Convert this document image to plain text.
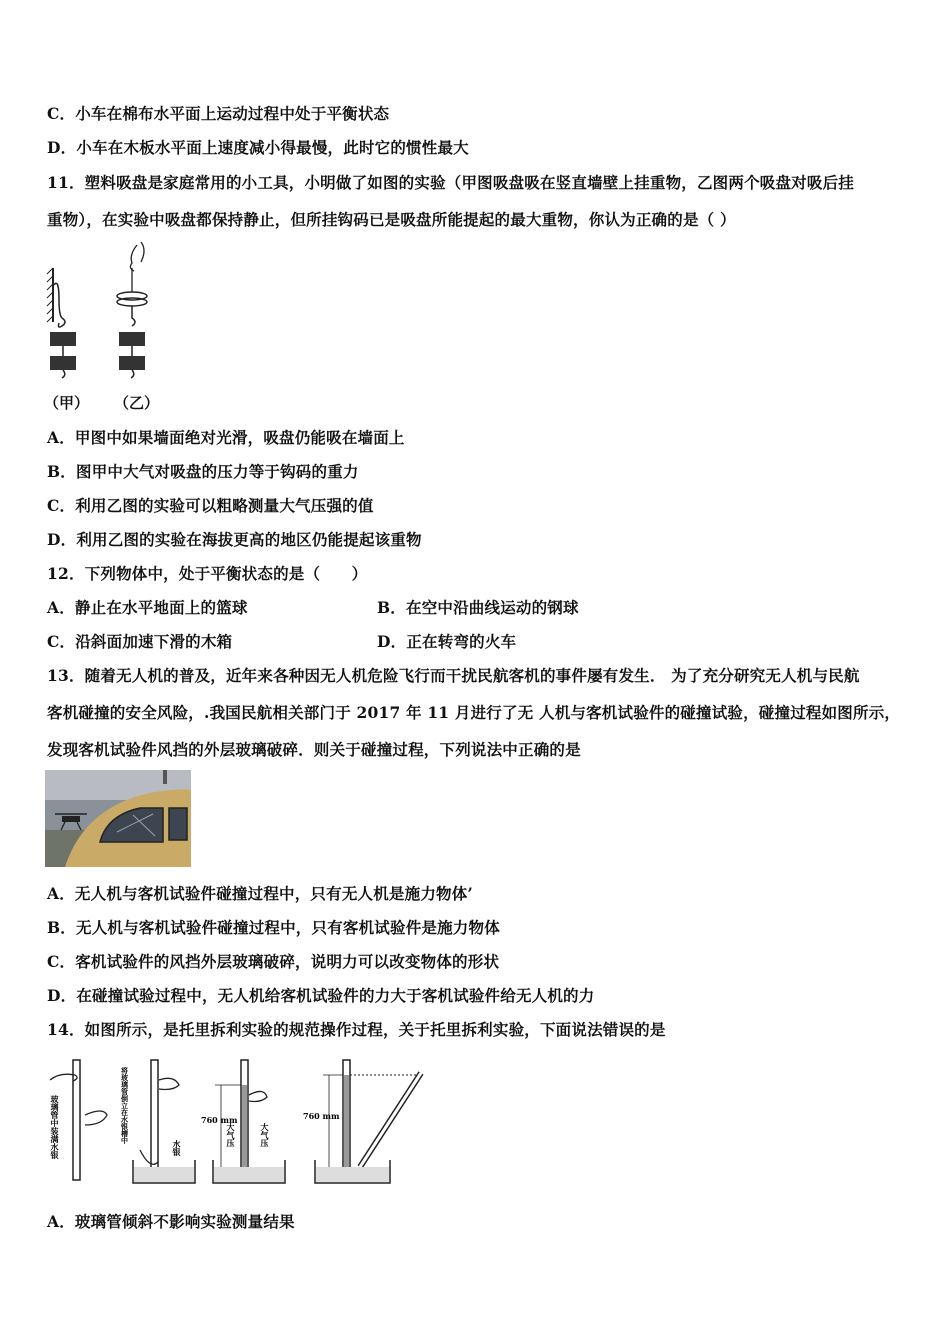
C．小车在棉布水平面上运动过程中处于平衡状态
D．小车在木板水平面上速度减小得最慢，此时它的惯性最大
11．塑料吸盘是家庭常用的小工具，小明做了如图的实验（甲图吸盘吸在竖直墙壁上挂重物，乙图两个吸盘对吸后挂
重物），在实验中吸盘都保持静止，但所挂钩码已是吸盘所能提起的最大重物，你认为正确的是（ ）
（甲） （乙）
A．甲图中如果墙面绝对光滑，吸盘仍能吸在墙面上
B．图甲中大气对吸盘的压力等于钩码的重力
C．利用乙图的实验可以粗略测量大气压强的值
D．利用乙图的实验在海拔更高的地区仍能提起该重物
12．下列物体中，处于平衡状态的是（　　）
A．静止在水平地面上的篮球	B．在空中沿曲线运动的钢球
C．沿斜面加速下滑的木箱	D．正在转弯的火车
13．随着无人机的普及，近年来各种因无人机危险飞行而干扰民航客机的事件屡有发生． 为了充分研究无人机与民航
客机碰撞的安全风险，.我国民航相关部门于 2017 年 11 月进行了无 人机与客机试验件的碰撞试验，碰撞过程如图所示，
发现客机试验件风挡的外层玻璃破碎．则关于碰撞过程，下列说法中正确的是
A．无人机与客机试验件碰撞过程中，只有无人机是施力物体’
B．无人机与客机试验件碰撞过程中，只有客机试验件是施力物体
C．客机试验件的风挡外层玻璃破碎，说明力可以改变物体的形状
D．在碰撞试验过程中，无人机给客机试验件的力大于客机试验件给无人机的力
14．如图所示，是托里拆利实验的规范操作过程，关于托里拆利实验，下面说法错误的是
玻璃管中装满水银	将玻璃管倒立在水银槽中
水银
760 mm
大气压	大气压
760 mm
A．玻璃管倾斜不影响实验测量结果
